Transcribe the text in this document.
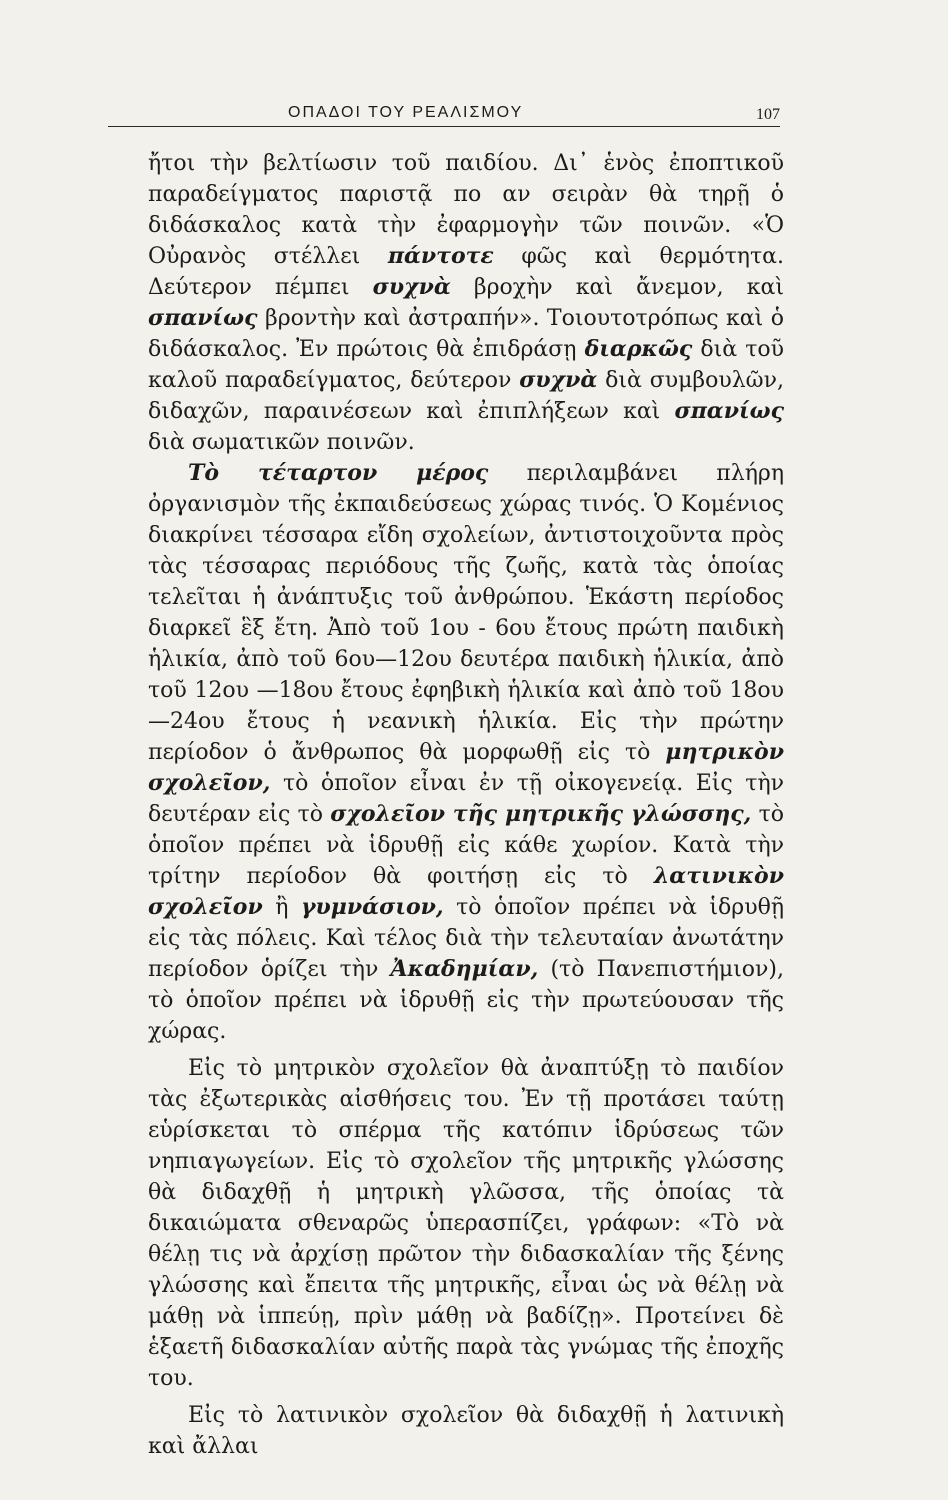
ΟΠΑΔΟΙ ΤΟΥ ΡΕΑΛΙΣΜΟΥ	107

ἤτοι τὴν βελτίωσιν τοῦ παιδίου. Δι᾽ ἑνὸς ἐποπτικοῦ παραδείγματος παριστᾷ πο αν σειρὰν θὰ τηρῇ ὁ διδάσκαλος κατὰ τὴν ἐφαρμογὴν τῶν ποινῶν. «Ὁ Οὐρανὸς στέλλει πάντοτε φῶς καὶ θερμότητα. Δεύτερον πέμπει συχνὰ βροχὴν καὶ ἄνεμον, καὶ σπανίως βροντὴν καὶ ἀστραπήν». Τοιουτοτρόπως καὶ ὁ διδάσκαλος. Ἐν πρώτοις θὰ ἐπιδράσῃ διαρκῶς διὰ τοῦ καλοῦ παραδείγματος, δεύτερον συχνὰ διὰ συμβουλῶν, διδαχῶν, παραινέσεων καὶ ἐπιπλήξεων καὶ σπανίως διὰ σωματικῶν ποινῶν.

Τὸ τέταρτον μέρος περιλαμβάνει πλήρη ὀργανισμὸν τῆς ἐκπαιδεύσεως χώρας τινός. Ὁ Κομένιος διακρίνει τέσσαρα εἴδη σχολείων, ἀντιστοιχοῦντα πρὸς τὰς τέσσαρας περιόδους τῆς ζωῆς, κατὰ τὰς ὁποίας τελεῖται ἡ ἀνάπτυξις τοῦ ἀνθρώπου. Ἑκάστη περίοδος διαρκεῖ ἓξ ἔτη. Ἀπὸ τοῦ 1ου - 6ου ἔτους πρώτη παιδικὴ ἡλικία, ἀπὸ τοῦ 6ου—12ου δευτέρα παιδικὴ ἡλικία, ἀπὸ τοῦ 12ου —18ου ἔτους ἐφηβικὴ ἡλικία καὶ ἀπὸ τοῦ 18ου—24ου ἔτους ἡ νεανικὴ ἡλικία. Εἰς τὴν πρώτην περίοδον ὁ ἄνθρωπος θὰ μορφωθῇ εἰς τὸ μητρικὸν σχολεῖον, τὸ ὁποῖον εἶναι ἐν τῇ οἰκογενείᾳ. Εἰς τὴν δευτέραν εἰς τὸ σχολεῖον τῆς μητρικῆς γλώσσης, τὸ ὁποῖον πρέπει νὰ ἱδρυθῇ εἰς κάθε χωρίον. Κατὰ τὴν τρίτην περίοδον θὰ φοιτήσῃ εἰς τὸ λατινικὸν σχολεῖον ἢ γυμνάσιον, τὸ ὁποῖον πρέπει νὰ ἱδρυθῇ εἰς τὰς πόλεις. Καὶ τέλος διὰ τὴν τελευταίαν ἀνωτάτην περίοδον ὁρίζει τὴν Ἀκαδημίαν, (τὸ Πανεπιστήμιον), τὸ ὁποῖον πρέπει νὰ ἱδρυθῇ εἰς τὴν πρωτεύουσαν τῆς χώρας.

Εἰς τὸ μητρικὸν σχολεῖον θὰ ἀναπτύξῃ τὸ παιδίον τὰς ἐξωτερικὰς αἰσθήσεις του. Ἐν τῇ προτάσει ταύτῃ εὑρίσκεται τὸ σπέρμα τῆς κατόπιν ἱδρύσεως τῶν νηπιαγωγείων. Εἰς τὸ σχολεῖον τῆς μητρικῆς γλώσσης θὰ διδαχθῇ ἡ μητρικὴ γλῶσσα, τῆς ὁποίας τὰ δικαιώματα σθεναρῶς ὑπερασπίζει, γράφων: «Τὸ νὰ θέλῃ τις νὰ ἀρχίσῃ πρῶτον τὴν διδασκαλίαν τῆς ξένης γλώσσης καὶ ἔπειτα τῆς μητρικῆς, εἶναι ὡς νὰ θέλῃ νὰ μάθῃ νὰ ἱππεύῃ, πρὶν μάθῃ νὰ βαδίζῃ». Προτείνει δὲ ἑξαετῆ διδασκαλίαν αὐτῆς παρὰ τὰς γνώμας τῆς ἐποχῆς του.

Εἰς τὸ λατινικὸν σχολεῖον θὰ διδαχθῇ ἡ λατινικὴ καὶ ἄλλαι
